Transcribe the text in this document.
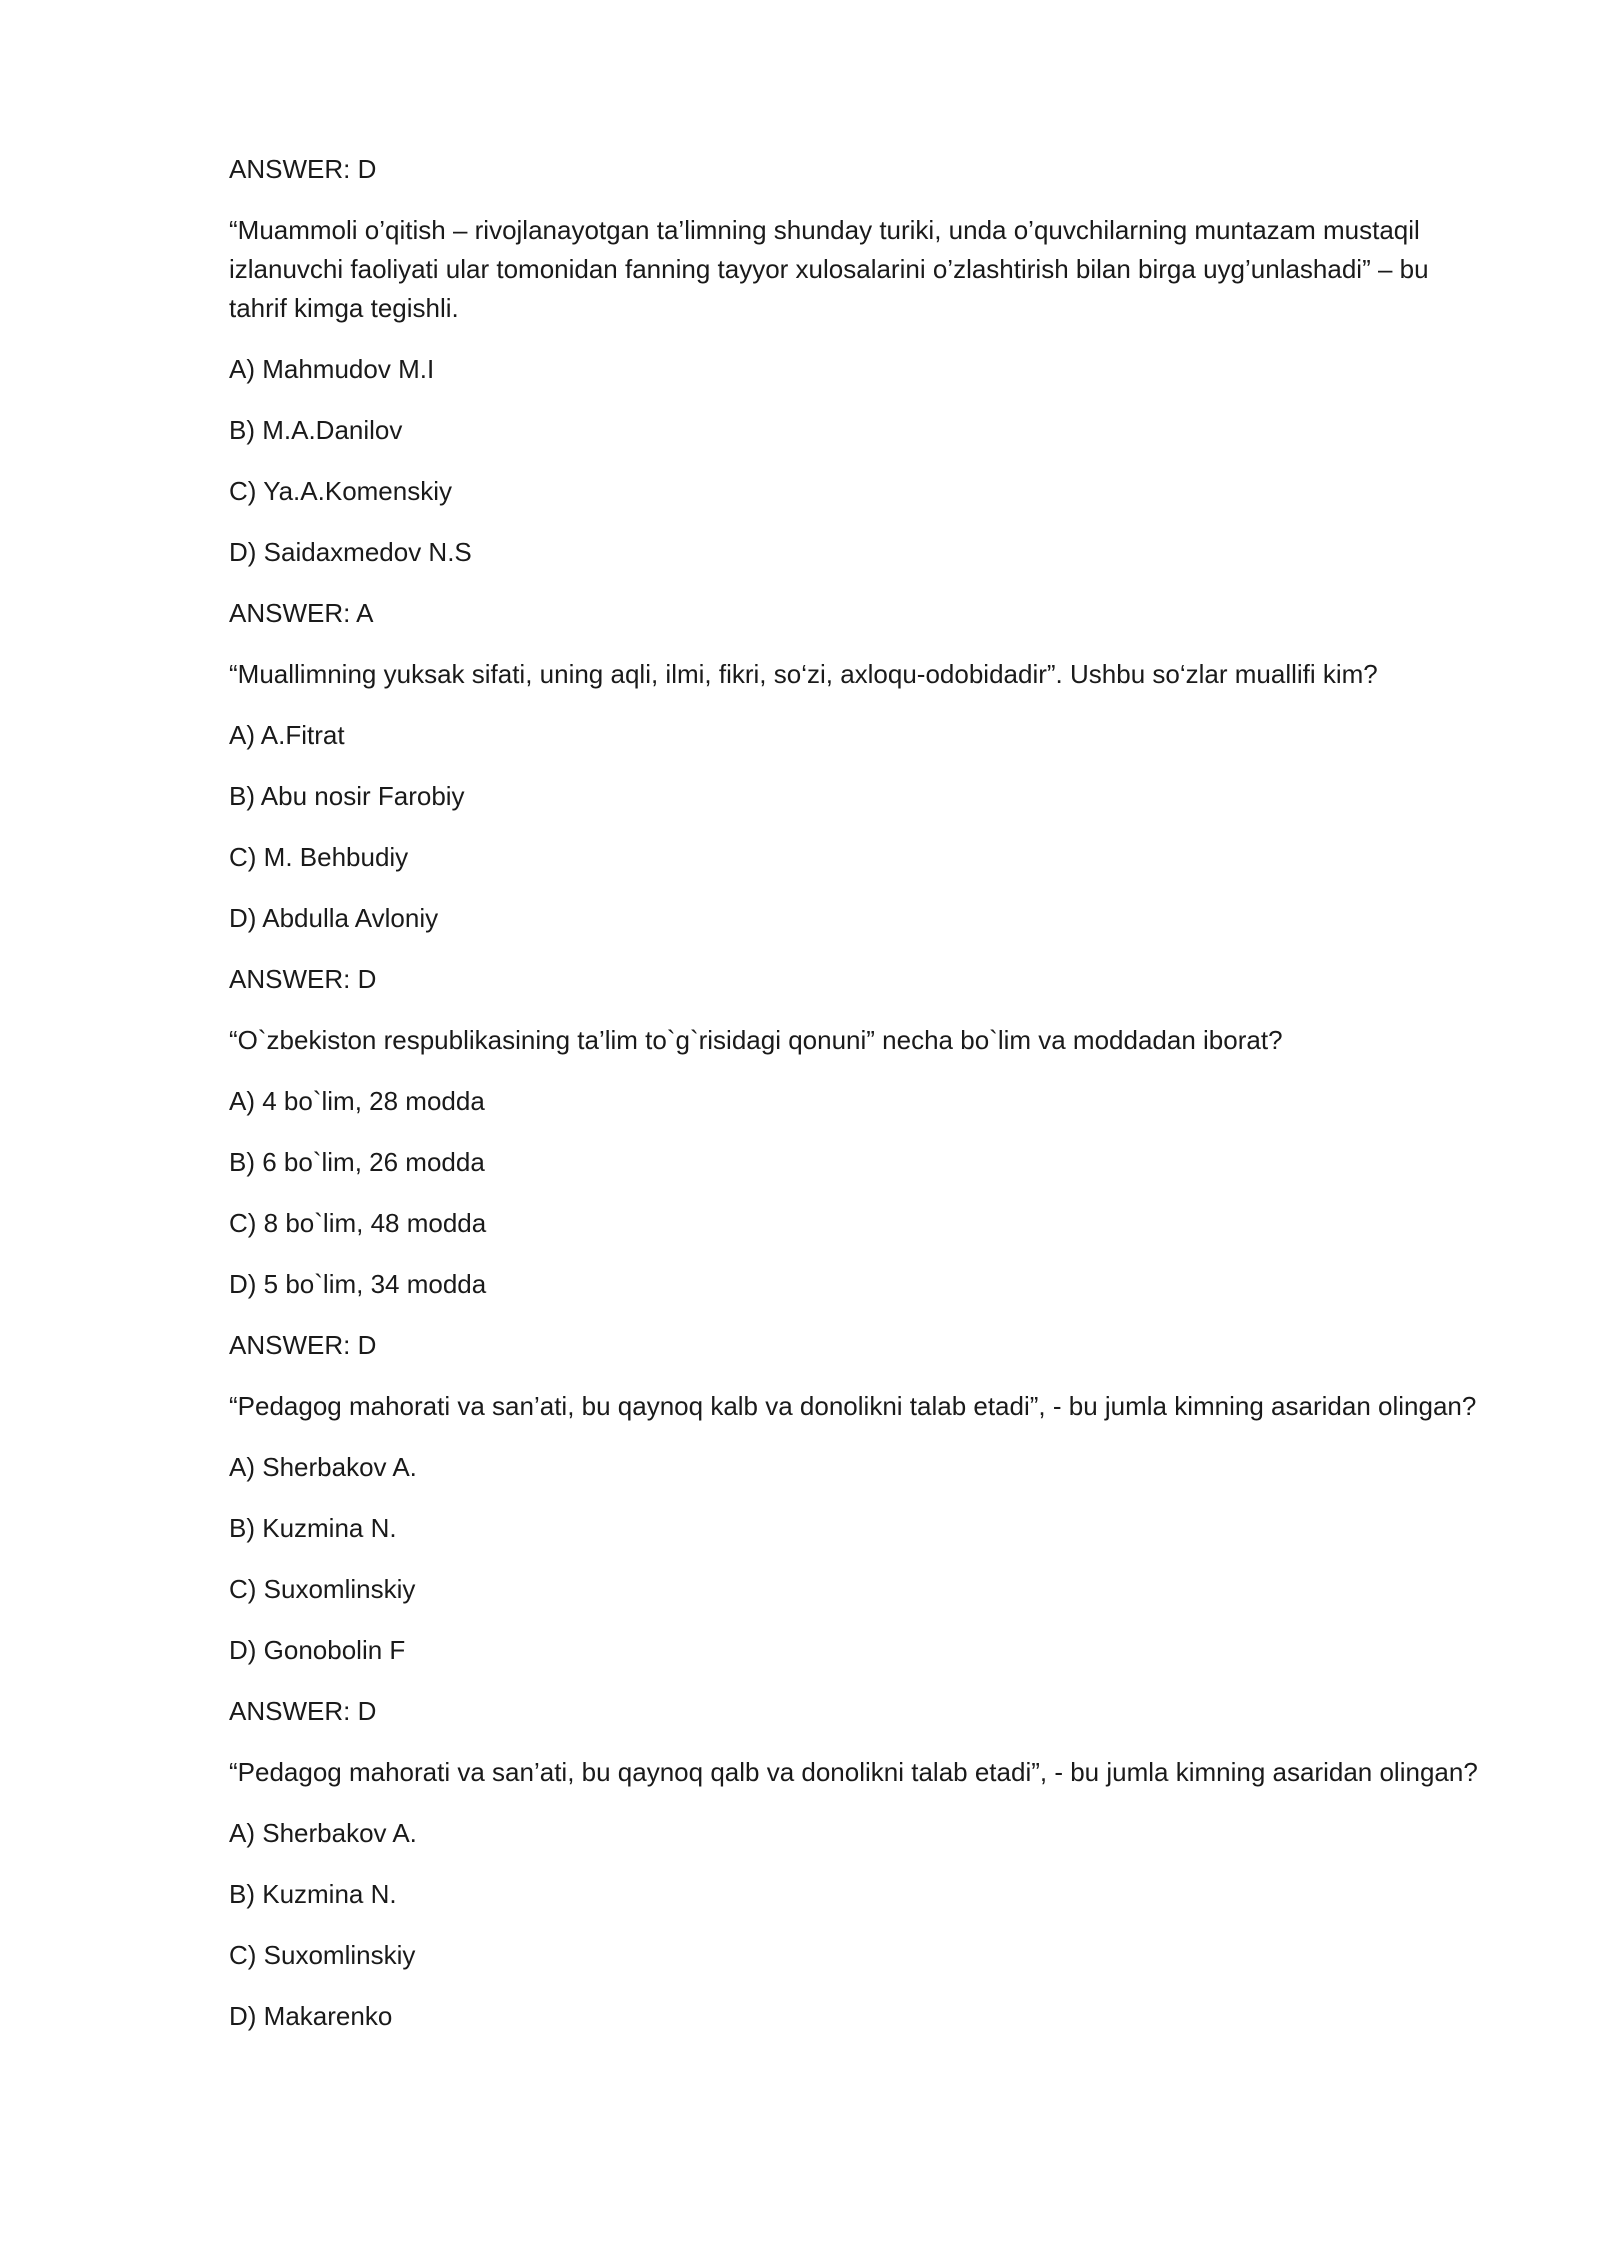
ANSWER: D
“Muammoli o’qitish – rivojlanayotgan ta’limning shunday turiki, unda o’quvchilarning muntazam mustaqil izlanuvchi faoliyati ular tomonidan fanning tayyor xulosalarini o’zlashtirish bilan birga uyg’unlashadi” – bu tahrif kimga tegishli.
A) Mahmudov M.I
B) M.A.Danilov
C) Ya.A.Komenskiy
D) Saidaxmedov N.S
ANSWER: A
“Muallimning yuksak sifati, uning aqli, ilmi, fikri, so‘zi, axloqu-odobidadir”. Ushbu so‘zlar muallifi kim?
A) A.Fitrat
B) Abu nosir Farobiy
C) M. Behbudiy
D) Abdulla Avloniy
ANSWER: D
“O`zbekiston respublikasining ta’lim to`g`risidagi qonuni” necha bo`lim va moddadan iborat?
A) 4 bo`lim, 28 modda
B) 6 bo`lim, 26 modda
C) 8 bo`lim, 48 modda
D) 5 bo`lim, 34 modda
ANSWER: D
“Pedagog mahorati va san’ati, bu qaynoq kalb va donolikni talab etadi”, - bu jumla kimning asaridan olingan?
A) Sherbakov A.
B) Kuzmina N.
C) Suxomlinskiy
D) Gonobolin F
ANSWER: D
“Pedagog mahorati va san’ati, bu qaynoq qalb va donolikni talab etadi”, - bu jumla kimning asaridan olingan?
A) Sherbakov A.
B) Kuzmina N.
C) Suxomlinskiy
D) Makarenko
